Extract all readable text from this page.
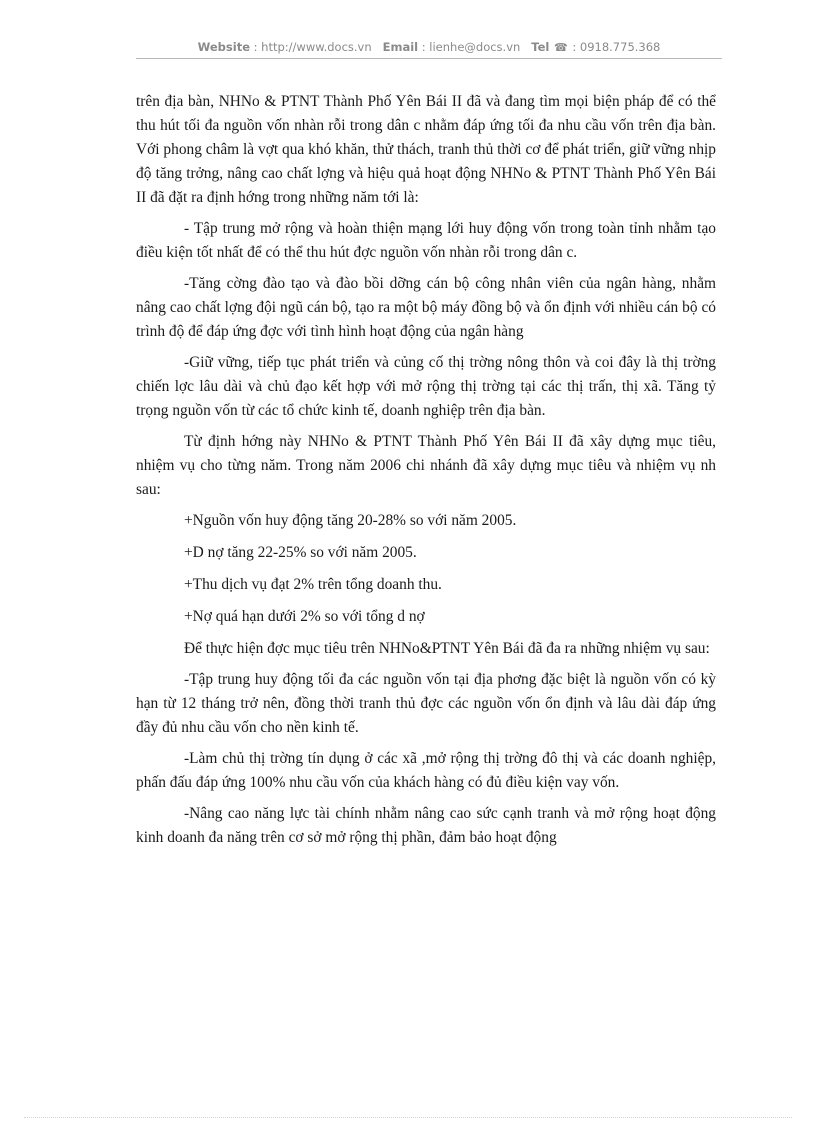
Website : http://www.docs.vn Email : lienhe@docs.vn Tel ☎ : 0918.775.368

trên địa bàn, NHNo & PTNT Thành Phố Yên Bái II đã và đang tìm mọi biện pháp để có thể thu hút tối đa nguồn vốn nhàn rỗi trong dân c nhằm đáp ứng tối đa nhu cầu vốn trên địa bàn. Với phong châm là vợt qua khó khăn, thử thách, tranh thủ thời cơ để phát triển, giữ vững nhịp độ tăng trởng, nâng cao chất lợng và hiệu quả hoạt động NHNo & PTNT Thành Phố Yên Bái II đã đặt ra định hớng trong những năm tới là:

- Tập trung mở rộng và hoàn thiện mạng lới huy động vốn trong toàn tỉnh nhằm tạo điều kiện tốt nhất để có thể thu hút đợc nguồn vốn nhàn rỗi trong dân c.

-Tăng cờng đào tạo và đào bồi dỡng cán bộ công nhân viên của ngân hàng, nhằm nâng cao chất lợng đội ngũ cán bộ, tạo ra một bộ máy đồng bộ và ổn định với nhiều cán bộ có trình độ để đáp ứng đợc với tình hình hoạt động của ngân hàng

-Giữ vững, tiếp tục phát triển và củng cố thị trờng nông thôn và coi đây là thị trờng chiến lợc lâu dài và chủ đạo kết hợp với mở rộng thị trờng tại các thị trấn, thị xã. Tăng tỷ trọng nguồn vốn từ các tổ chức kinh tế, doanh nghiệp trên địa bàn.

Từ định hớng này NHNo & PTNT Thành Phố Yên Bái II đã xây dựng mục tiêu, nhiệm vụ cho từng năm. Trong năm 2006 chi nhánh đã xây dựng mục tiêu và nhiệm vụ nh sau:

+Nguồn vốn huy động tăng 20-28% so với năm 2005.

+D nợ tăng 22-25% so với năm 2005.

+Thu dịch vụ đạt 2% trên tổng doanh thu.

+Nợ quá hạn dưới 2% so với tổng d nợ

Để thực hiện đợc mục tiêu trên NHNo&PTNT Yên Bái đã đa ra những nhiệm vụ sau:

-Tập trung huy động tối đa các nguồn vốn tại địa phơng đặc biệt là nguồn vốn có kỳ hạn từ 12 tháng trở nên, đồng thời tranh thủ đợc các nguồn vốn ổn định và lâu dài đáp ứng đầy đủ nhu cầu vốn cho nền kinh tế.

-Làm chủ thị trờng tín dụng ở các xã ,mở rộng thị trờng đô thị và các doanh nghiệp, phấn đấu đáp ứng 100% nhu cầu vốn của khách hàng có đủ điều kiện vay vốn.

-Nâng cao năng lực tài chính nhằm nâng cao sức cạnh tranh và mở rộng hoạt động kinh doanh đa năng trên cơ sở mở rộng thị phần, đảm bảo hoạt động
